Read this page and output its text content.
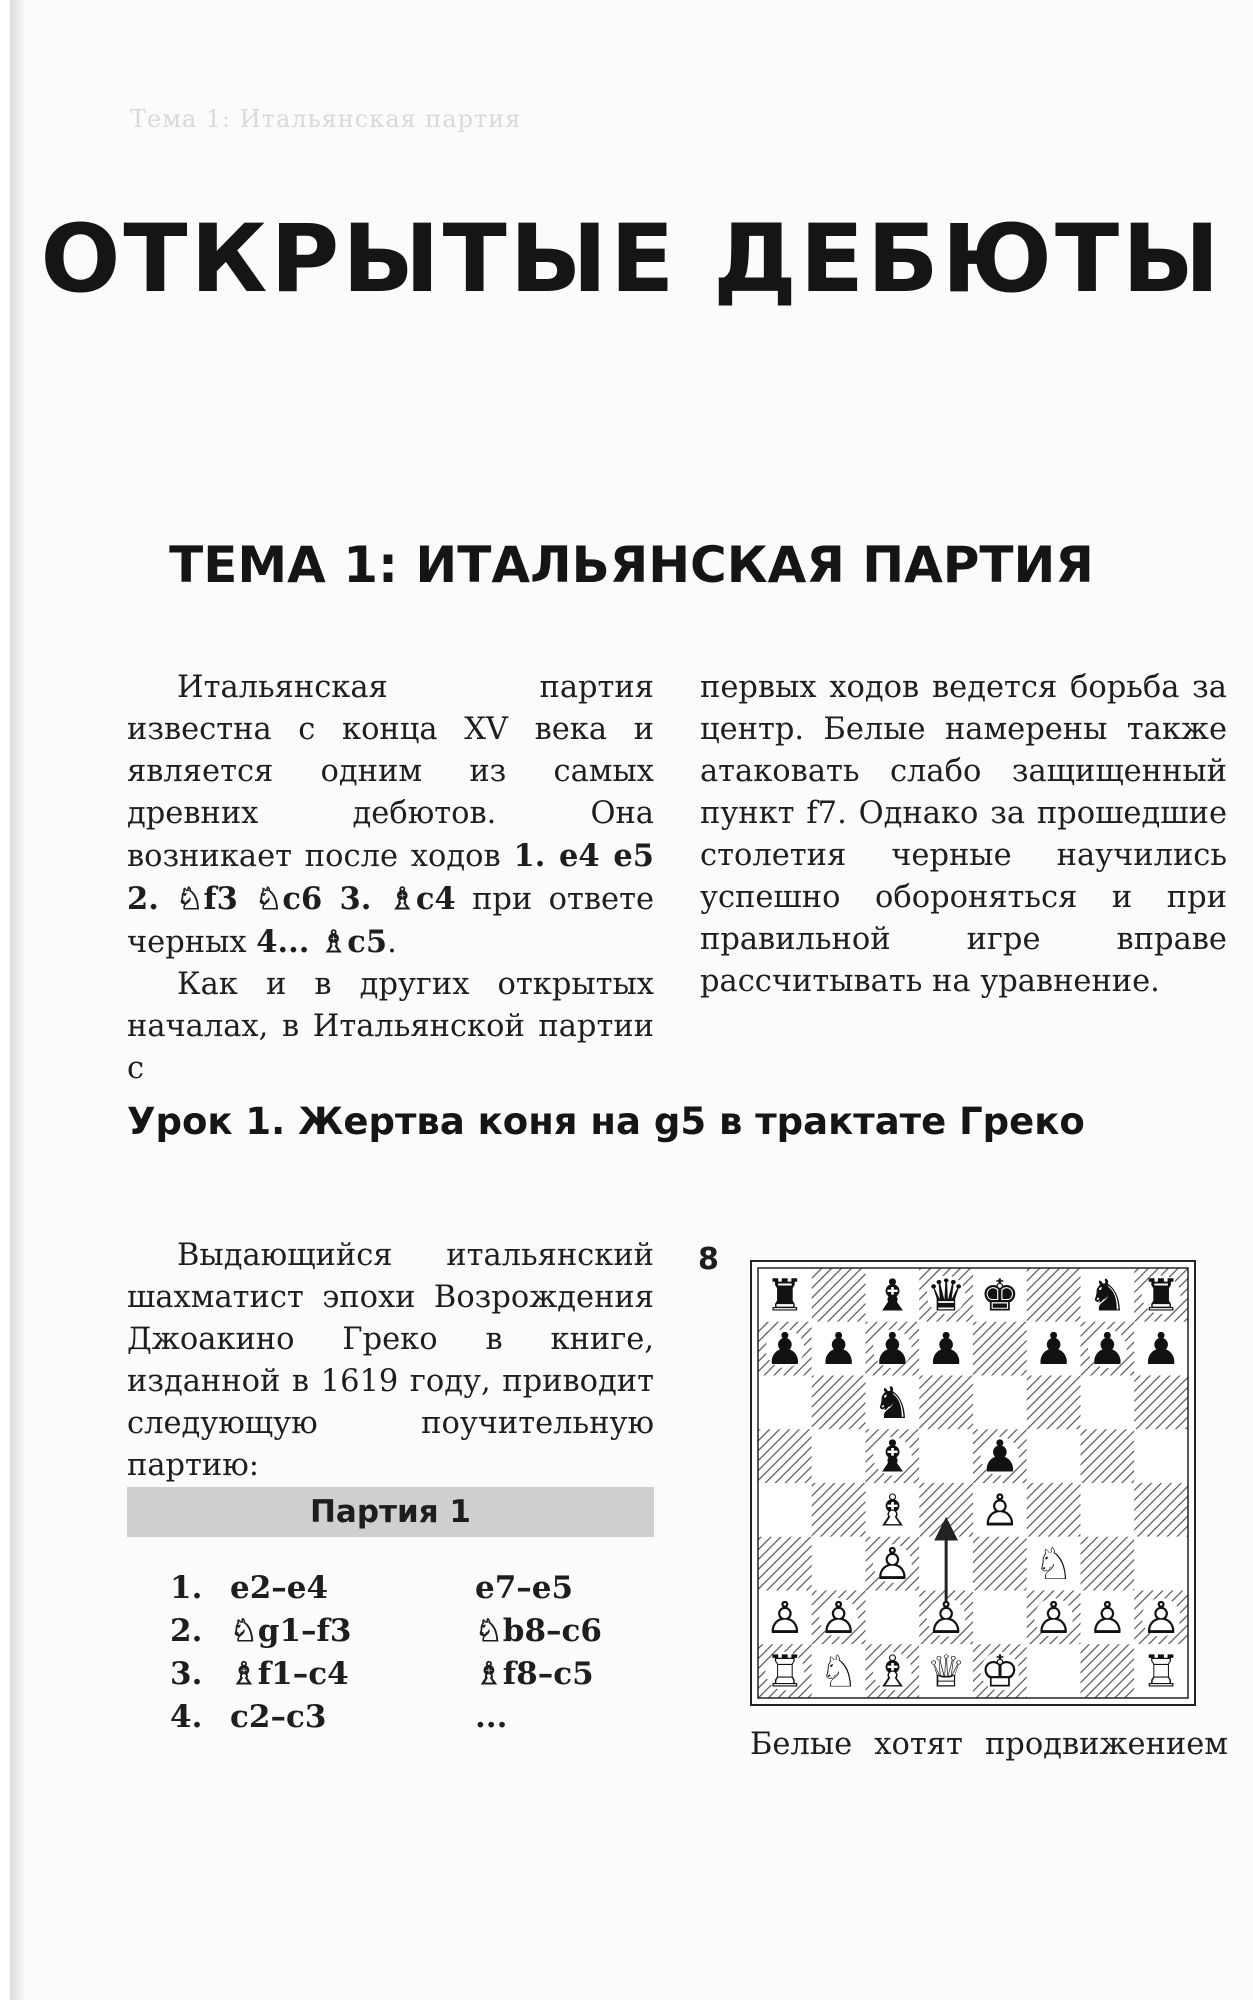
Тема 1: Итальянская партия
ОТКРЫТЫЕ ДЕБЮТЫ
ТЕМА 1: ИТАЛЬЯНСКАЯ ПАРТИЯ

Итальянская партия известна с конца XV века и является одним из самых древних дебютов. Она возникает после ходов 1. e4 e5 2. ♘f3 ♘c6 3. ♗c4 при ответе черных 4... ♗c5.

Как и в других открытых началах, в Итальянской партии с

первых ходов ведется борьба за центр. Белые намерены также атаковать слабо защищенный пункт f7. Однако за прошедшие столетия черные научились успешно обороняться и при правильной игре вправе рассчитывать на уравнение.

Урок 1. Жертва коня на g5 в трактате Греко

Выдающийся итальянский шахматист эпохи Возрождения Джоакино Греко в книге, изданной в 1619 году, приводит следующую поучительную партию:

Партия 1
1.	e2–e4	e7–e5
2.	♘g1–f3	♘b8–c6
3.	♗f1–c4	♗f8–c5
4.	c2–c3	...
8
♜ ♝ ♛ ♚ ♞ ♜
♟ ♟ ♟ ♟ ♟ ♟ ♟
♞
♝ ♟
♗ ♙
♙	♘
♙ ♙ ♙ ♙ ♙ ♙
♖ ♘ ♗ ♕ ♔	♖
Белые хотят продвижением
